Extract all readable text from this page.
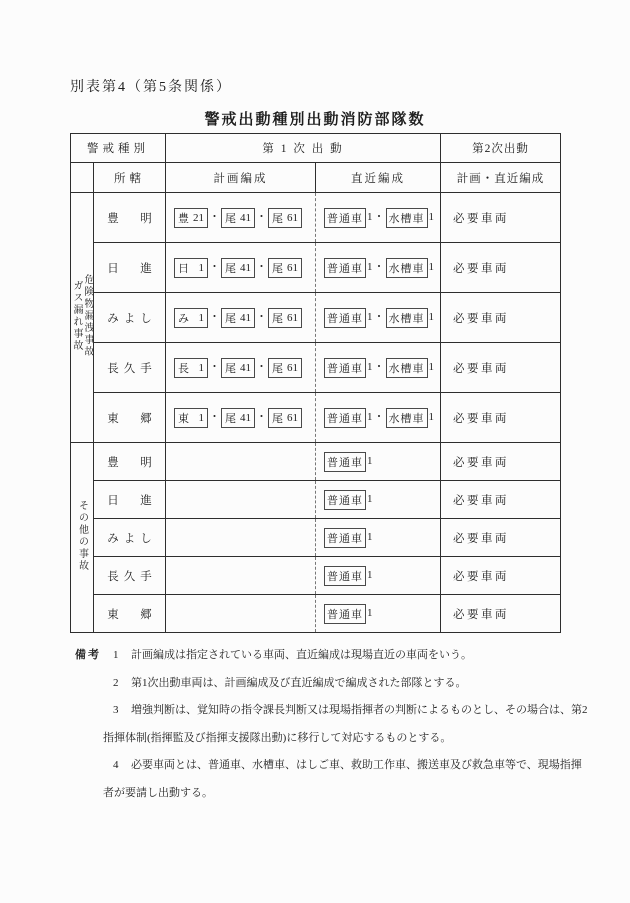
別表第4（第5条関係）
警戒出動種別出動消防部隊数
警戒種別		第 1 次 出 動		第2次出動
	所轄	計画編成	直近編成	計画・直近編成

危険物漏洩事故
ガス漏れ事故
	豊　明	豊 21 ・ 尾 41 ・ 尾 61	普通車 1・ 水槽車 1	必要車両
日　進	日 1 ・ 尾 41 ・ 尾 61	普通車 1・ 水槽車 1	必要車両
みよし	み 1 ・ 尾 41 ・ 尾 61	普通車 1・ 水槽車 1	必要車両
長久手	長 1 ・ 尾 41 ・ 尾 61	普通車 1・ 水槽車 1	必要車両
東　郷	東 1 ・ 尾 41 ・ 尾 61	普通車 1・ 水槽車 1	必要車両

その他の事故	豊　明		普通車 1	必要車両
	日　進		普通車 1	必要車両
	みよし		普通車 1	必要車両
	長久手		普通車 1	必要車両
	東　郷		普通車 1	必要車両
備考 1	計画編成は指定されている車両、直近編成は現場直近の車両をいう。
2	第1次出動車両は、計画編成及び直近編成で編成された部隊とする。
3	増強判断は、覚知時の指令課長判断又は現場指揮者の判断によるものとし、その場合は、第2指揮体制(指揮監及び指揮支援隊出動)に移行して対応するものとする。
4	必要車両とは、普通車、水槽車、はしご車、救助工作車、搬送車及び救急車等で、現場指揮者が要請し出動する。
